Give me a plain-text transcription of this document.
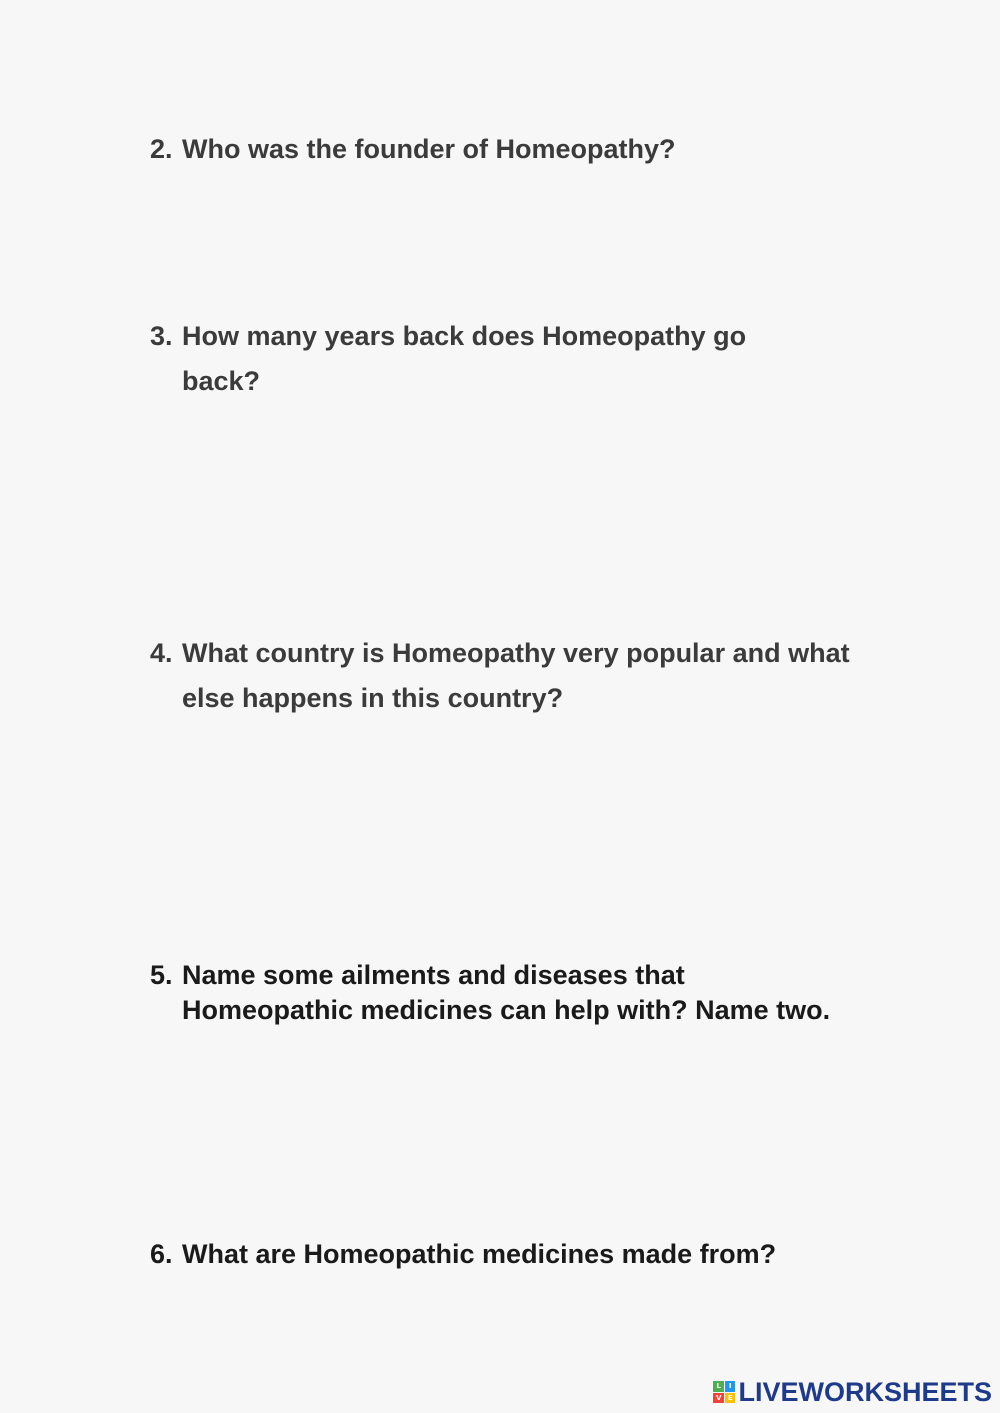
2. Who was the founder of Homeopathy?
3. How many years back does Homeopathy go back?
4. What country is Homeopathy very popular and what else happens in this country?
5. Name some ailments and diseases that Homeopathic medicines can help with? Name two.
6. What are Homeopathic medicines made from?
L	I
V E LIVEWORKSHEETS
